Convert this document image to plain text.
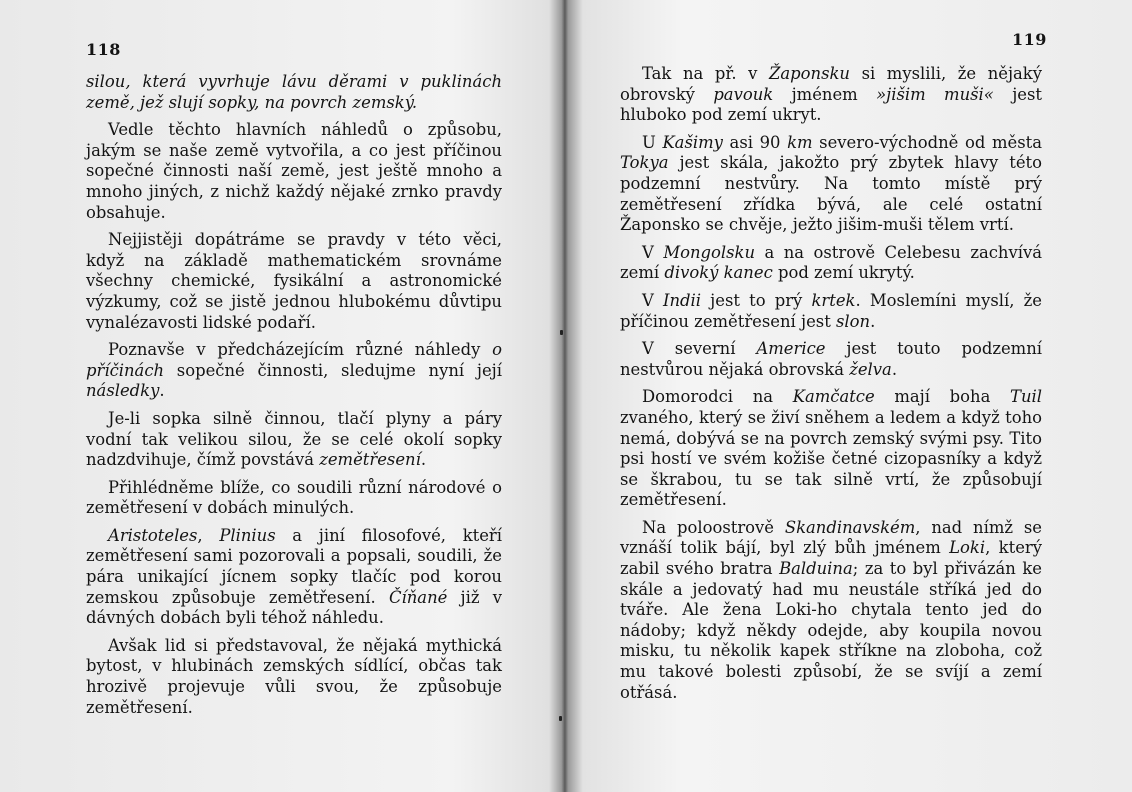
118

silou, která vyvrhuje lávu děrami v puklinách země, jež slují sopky, na povrch zemský.

Vedle těchto hlavních náhledů o způsobu, jakým se naše země vytvořila, a co jest příčinou sopečné činnosti naší země, jest ještě mnoho a mnoho jiných, z nichž každý nějaké zrnko pravdy obsahuje.

Nejjistěji dopátráme se pravdy v této věci, když na základě mathematickém srovnáme všechny chemické, fysikální a astronomické výzkumy, což se jistě jednou hlubokému důvtipu vynalézavosti lidské podaří.

Poznavše v předcházejícím různé náhledy o příčinách sopečné činnosti, sledujme nyní její následky.

Je-li sopka silně činnou, tlačí plyny a páry vodní tak velikou silou, že se celé okolí sopky nadzdvihuje, čímž povstává zemětřesení.

Přihlédněme blíže, co soudili různí národové o zemětřesení v dobách minulých.

Aristoteles, Plinius a jiní filosofové, kteří zemětřesení sami pozorovali a popsali, soudili, že pára unikající jícnem sopky tlačíc pod korou zemskou způsobuje zemětřesení. Číňané již v dávných dobách byli téhož náhledu.

Avšak lid si představoval, že nějaká mythická bytost, v hlubinách zemských sídlící, občas tak hrozivě projevuje vůli svou, že způsobuje zemětřesení.

119

Tak na př. v Žaponsku si myslili, že nějaký obrovský pavouk jménem »jišim muši« jest hluboko pod zemí ukryt.

U Kašimy asi 90 km severo-východně od města Tokya jest skála, jakožto prý zbytek hlavy této podzemní nestvůry. Na tomto místě prý zemětřesení zřídka bývá, ale celé ostatní Žaponsko se chvěje, ježto jišim-muši tělem vrtí.

V Mongolsku a na ostrově Celebesu zachvívá zemí divoký kanec pod zemí ukrytý.

V Indii jest to prý krtek. Moslemíni myslí, že příčinou zemětřesení jest slon.

V severní Americe jest touto podzemní nestvůrou nějaká obrovská želva.

Domorodci na Kamčatce mají boha Tuil zvaného, který se živí sněhem a ledem a když toho nemá, dobývá se na povrch zemský svými psy. Tito psi hostí ve svém kožiše četné cizopasníky a když se škrabou, tu se tak silně vrtí, že způsobují zemětřesení.

Na poloostrově Skandinavském, nad nímž se vznáší tolik bájí, byl zlý bůh jménem Loki, který zabil svého bratra Balduina; za to byl přivázán ke skále a jedovatý had mu neustále stříká jed do tváře. Ale žena Loki-ho chytala tento jed do nádoby; když někdy odejde, aby koupila novou misku, tu několik kapek stříkne na zlobohа, což mu takové bolesti způsobí, že se svíjí a zemí otřásá.
